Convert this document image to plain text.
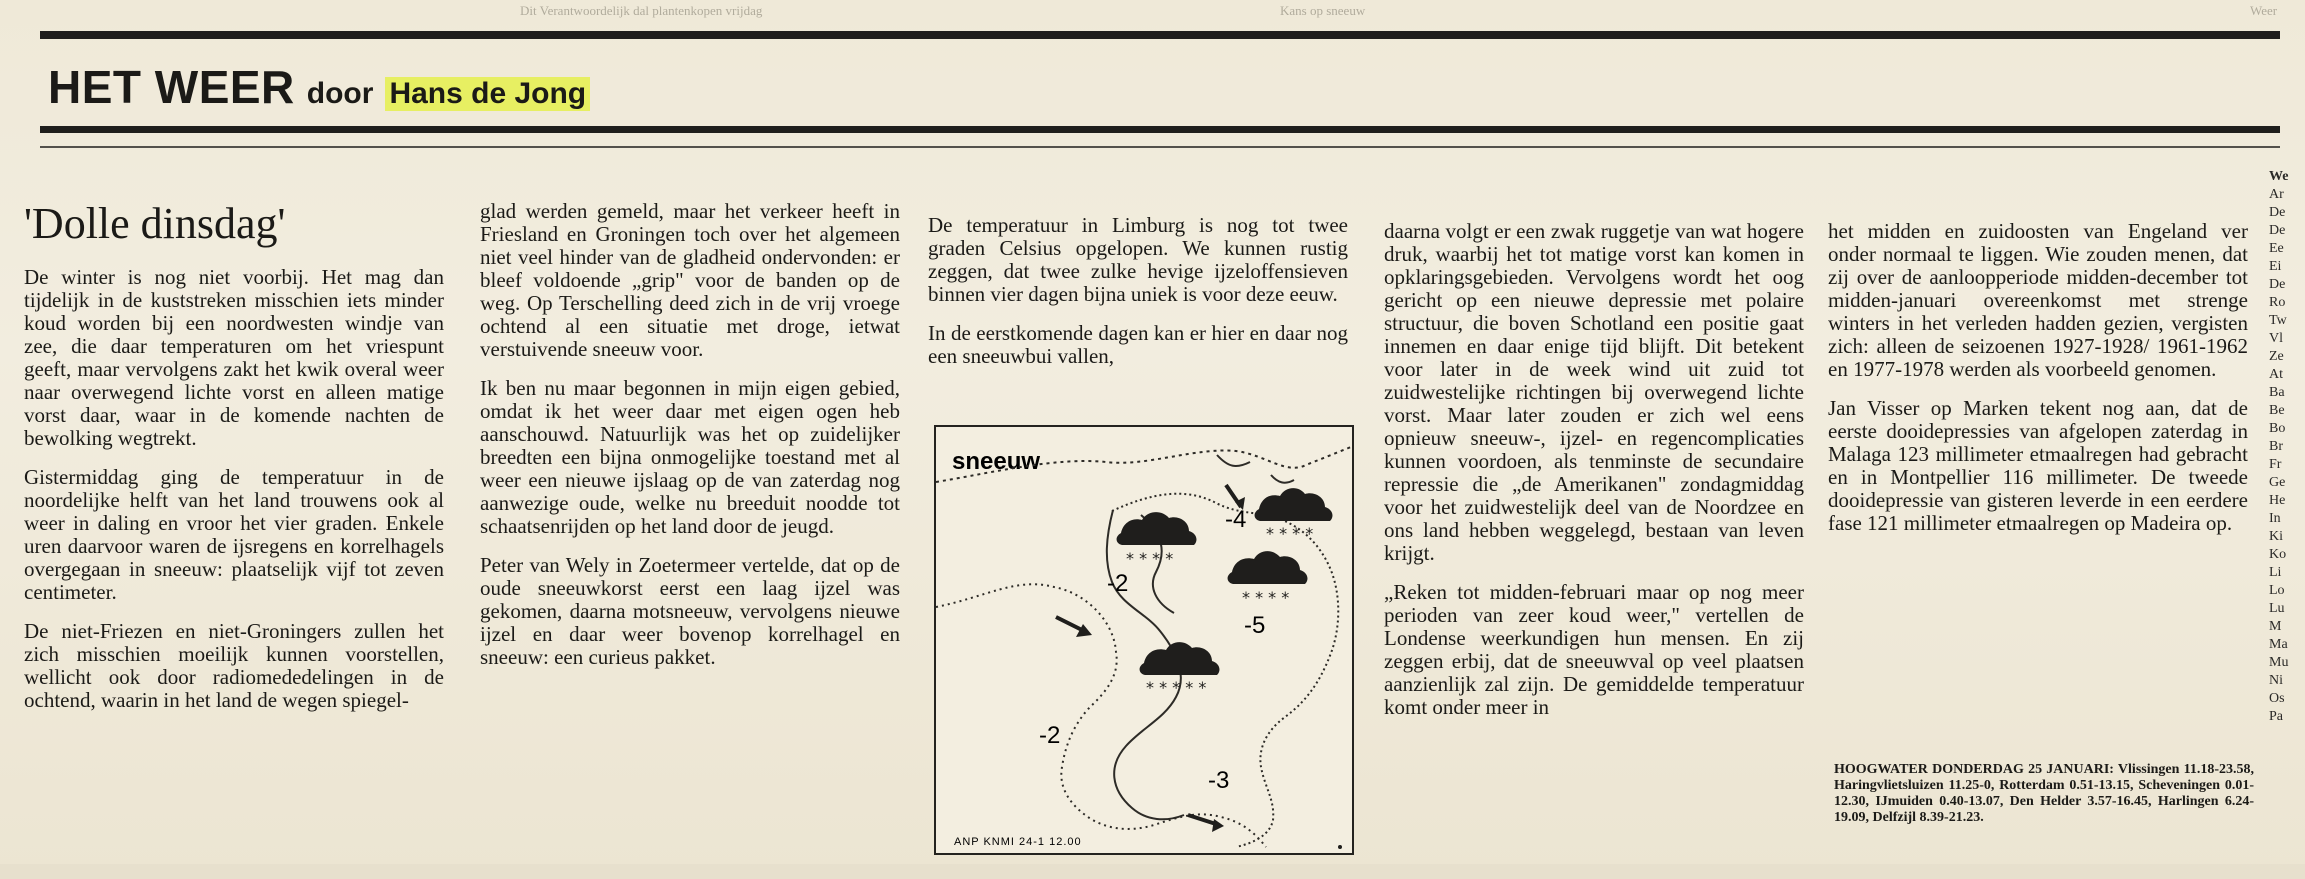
Dit Verantwoordelijk dal plantenkopen vrijdag	Kans op sneeuw	Weer
HET WEER door Hans de Jong
'Dolle dinsdag'

De winter is nog niet voorbij. Het mag dan tijdelijk in de kuststreken misschien iets minder koud worden bij een noordwesten windje van zee, die daar temperaturen om het vriespunt geeft, maar vervolgens zakt het kwik overal weer naar overwegend lichte vorst en alleen matige vorst daar, waar in de komende nachten de bewolking wegtrekt.

Gistermiddag ging de temperatuur in de noordelijke helft van het land trouwens ook al weer in daling en vroor het vier graden. Enkele uren daarvoor waren de ijsregens en korrelhagels overgegaan in sneeuw: plaatselijk vijf tot zeven centimeter.

De niet-Friezen en niet-Groningers zullen het zich misschien moeilijk kunnen voorstellen, wellicht ook door radiomededelingen in de ochtend, waarin in het land de wegen spiegel-

glad werden gemeld, maar het verkeer heeft in Friesland en Groningen toch over het algemeen niet veel hinder van de gladheid ondervonden: er bleef voldoende „grip" voor de banden op de weg. Op Terschelling deed zich in de vrij vroege ochtend al een situatie met droge, ietwat verstuivende sneeuw voor.

Ik ben nu maar begonnen in mijn eigen gebied, omdat ik het weer daar met eigen ogen heb aanschouwd. Natuurlijk was het op zuidelijker breedten een bijna onmogelijke toestand met al weer een nieuwe ijslaag op de van zaterdag nog aanwezige oude, welke nu breeduit noodde tot schaatsenrijden op het land door de jeugd.

Peter van Wely in Zoetermeer vertelde, dat op de oude sneeuwkorst eerst een laag ijzel was gekomen, daarna motsneeuw, vervolgens nieuwe ijzel en daar weer bovenop korrelhagel en sneeuw: een curieus pakket.

De temperatuur in Limburg is nog tot twee graden Celsius opgelopen. We kunnen rustig zeggen, dat twee zulke hevige ijzeloffensieven binnen vier dagen bijna uniek is voor deze eeuw.

In de eerstkomende dagen kan er hier en daar nog een sneeuwbui vallen,

sneeuw
* * * *
* * * *
* * * *
* * * * *
-4
-2
-5
-2
-3
ANP KNMI 24-1 12.00

daarna volgt er een zwak ruggetje van wat hogere druk, waarbij het tot matige vorst kan komen in opklaringsgebieden. Vervolgens wordt het oog gericht op een nieuwe depressie met polaire structuur, die boven Schotland een positie gaat innemen en daar enige tijd blijft. Dit betekent voor later in de week wind uit zuid tot zuidwestelijke richtingen bij overwegend lichte vorst. Maar later zouden er zich wel eens opnieuw sneeuw-, ijzel- en regencomplicaties kunnen voordoen, als tenminste de secundaire repressie die „de Amerikanen" zondagmiddag voor het zuidwestelijk deel van de Noordzee en ons land hebben weggelegd, bestaan van leven krijgt.

„Reken tot midden-februari maar op nog meer perioden van zeer koud weer," vertellen de Londense weerkundigen hun mensen. En zij zeggen erbij, dat de sneeuwval op veel plaatsen aanzienlijk zal zijn. De gemiddelde temperatuur komt onder meer in

het midden en zuidoosten van Engeland ver onder normaal te liggen. Wie zouden menen, dat zij over de aanloopperiode midden-december tot midden-januari overeenkomst met strenge winters in het verleden hadden gezien, vergisten zich: alleen de seizoenen 1927-1928/ 1961-1962 en 1977-1978 werden als voorbeeld genomen.

Jan Visser op Marken tekent nog aan, dat de eerste dooidepressies van afgelopen zaterdag in Malaga 123 millimeter etmaalregen had gebracht en in Montpellier 116 millimeter. De tweede dooidepressie van gisteren leverde in een eerdere fase 121 millimeter etmaalregen op Madeira op.

HOOGWATER DONDERDAG 25 JANUARI: Vlissingen 11.18-23.58, Haringvlietsluizen 11.25-0, Rotterdam 0.51-13.15, Scheveningen 0.01-12.30, IJmuiden 0.40-13.07, Den Helder 3.57-16.45, Harlingen 6.24-19.09, Delfzijl 8.39-21.23.
We
Ar
De
De
Ee
Ei
De
Ro
Tw
Vl
Ze
At
Ba
Be
Bo
Br
Fr
Ge
He
In
Ki
Ko
Li
Lo
Lu
M
Ma
Mu
Ni
Os
Pa
